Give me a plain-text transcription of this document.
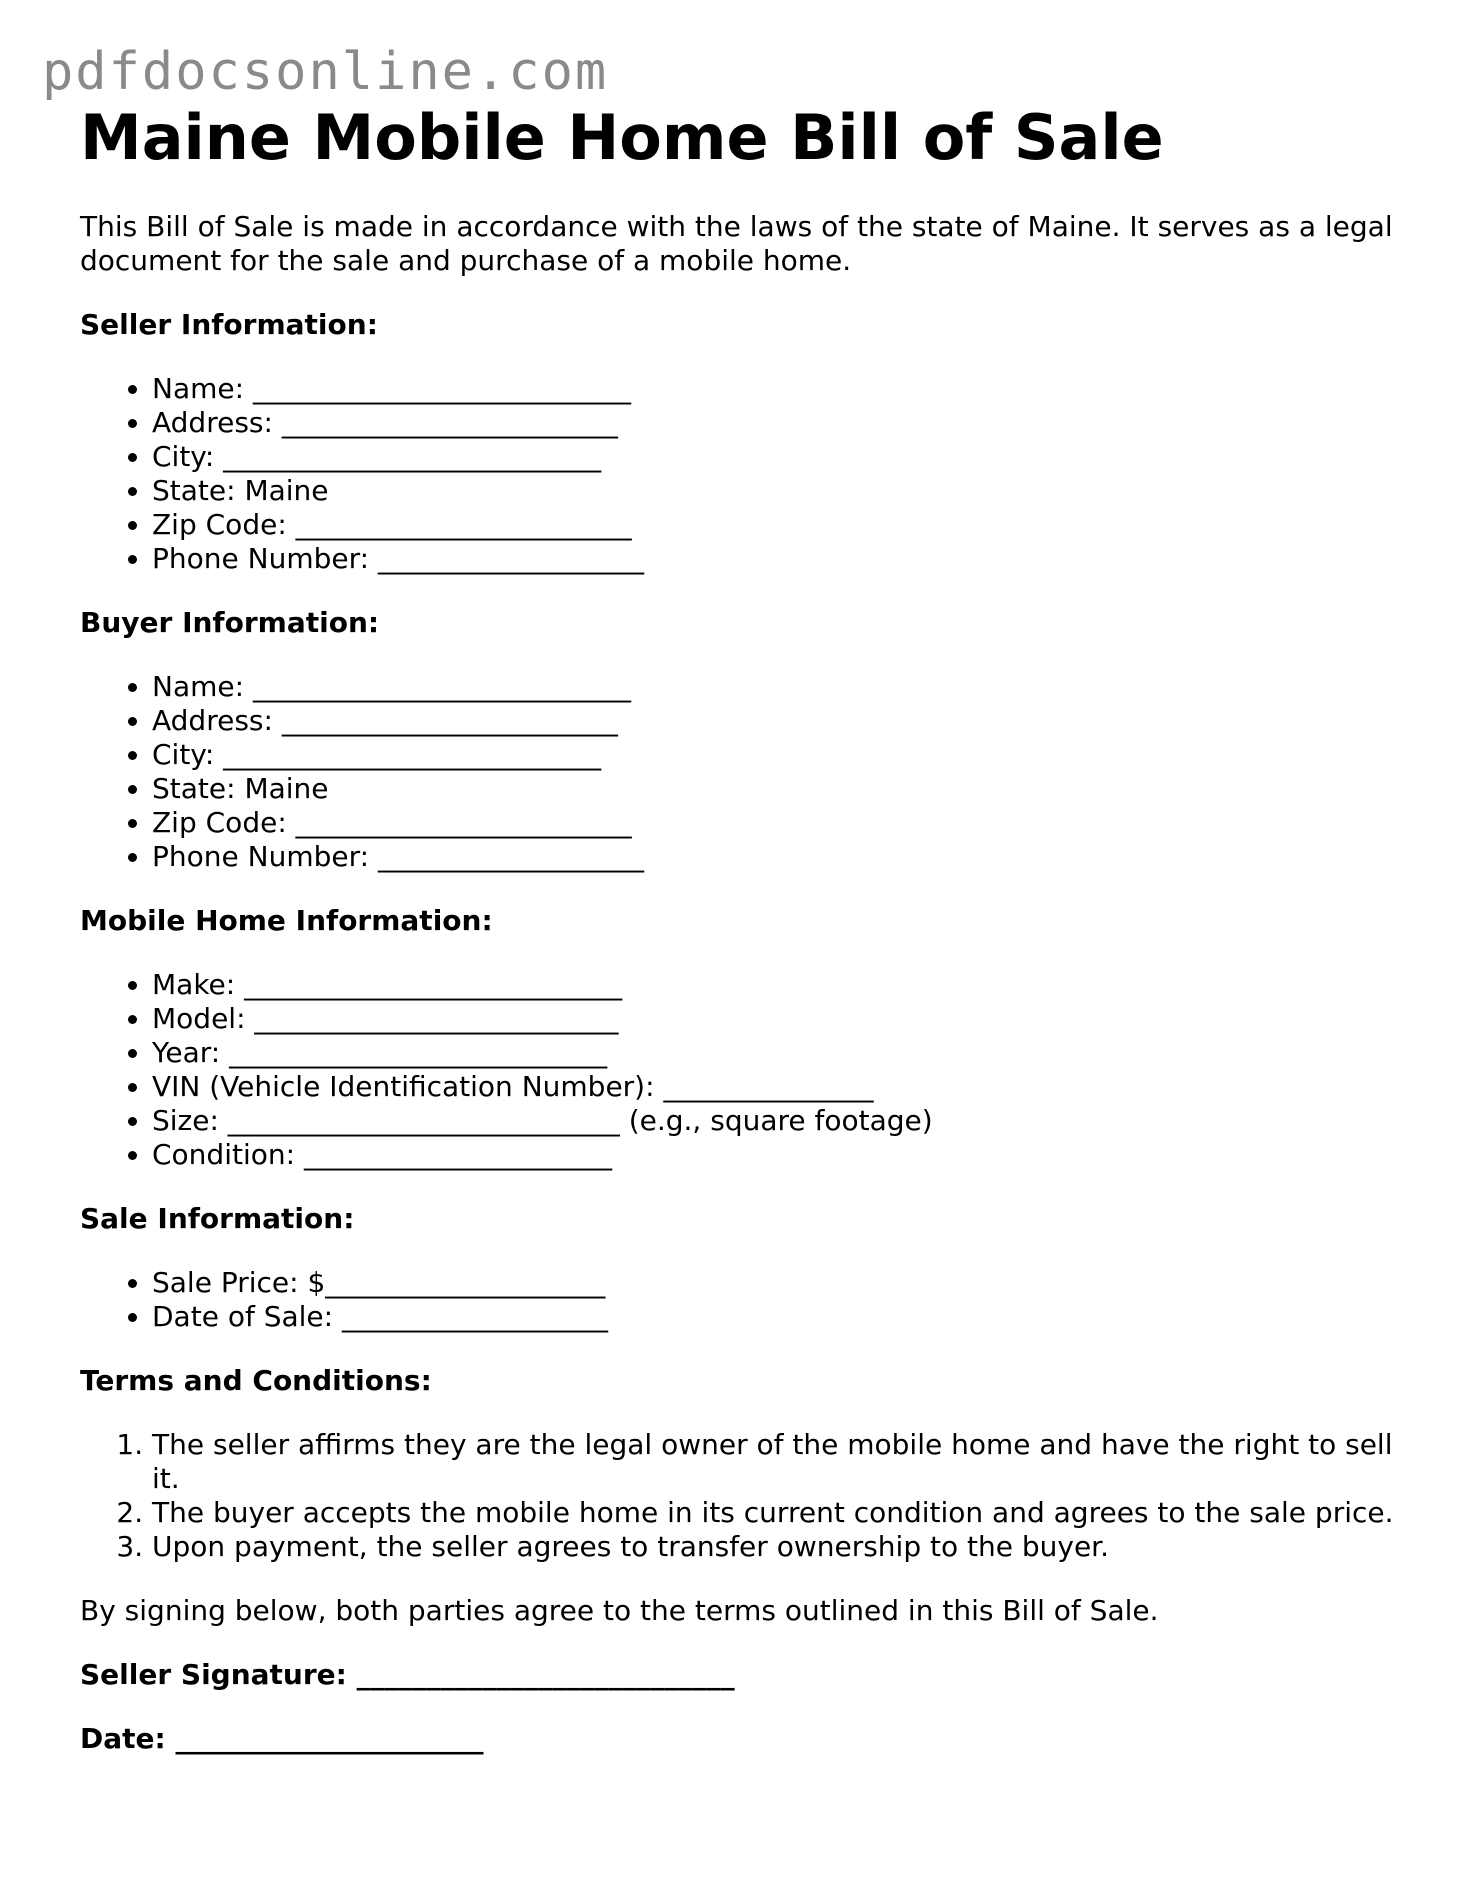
pdfdocsonline.com
Maine Mobile Home Bill of Sale

This Bill of Sale is made in accordance with the laws of the state of Maine. It serves as a legal document for the sale and purchase of a mobile home.

Seller Information:
• Name: ___________________________
• Address: ________________________
• City: ___________________________
• State: Maine
• Zip Code: ________________________
• Phone Number: ___________________
Buyer Information:
• Name: ___________________________
• Address: ________________________
• City: ___________________________
• State: Maine
• Zip Code: ________________________
• Phone Number: ___________________
Mobile Home Information:
• Make: ___________________________
• Model: __________________________
• Year: ___________________________
• VIN (Vehicle Identification Number): _______________
• Size: ____________________________ (e.g., square footage)
• Condition: ______________________
Sale Information:
• Sale Price: $____________________
• Date of Sale: ___________________
Terms and Conditions:
1. The seller affirms they are the legal owner of the mobile home and have the right to sell it.
2. The buyer accepts the mobile home in its current condition and agrees to the sale price.
3. Upon payment, the seller agrees to transfer ownership to the buyer.

By signing below, both parties agree to the terms outlined in this Bill of Sale.

Seller Signature: ___________________________
Date: ______________________
